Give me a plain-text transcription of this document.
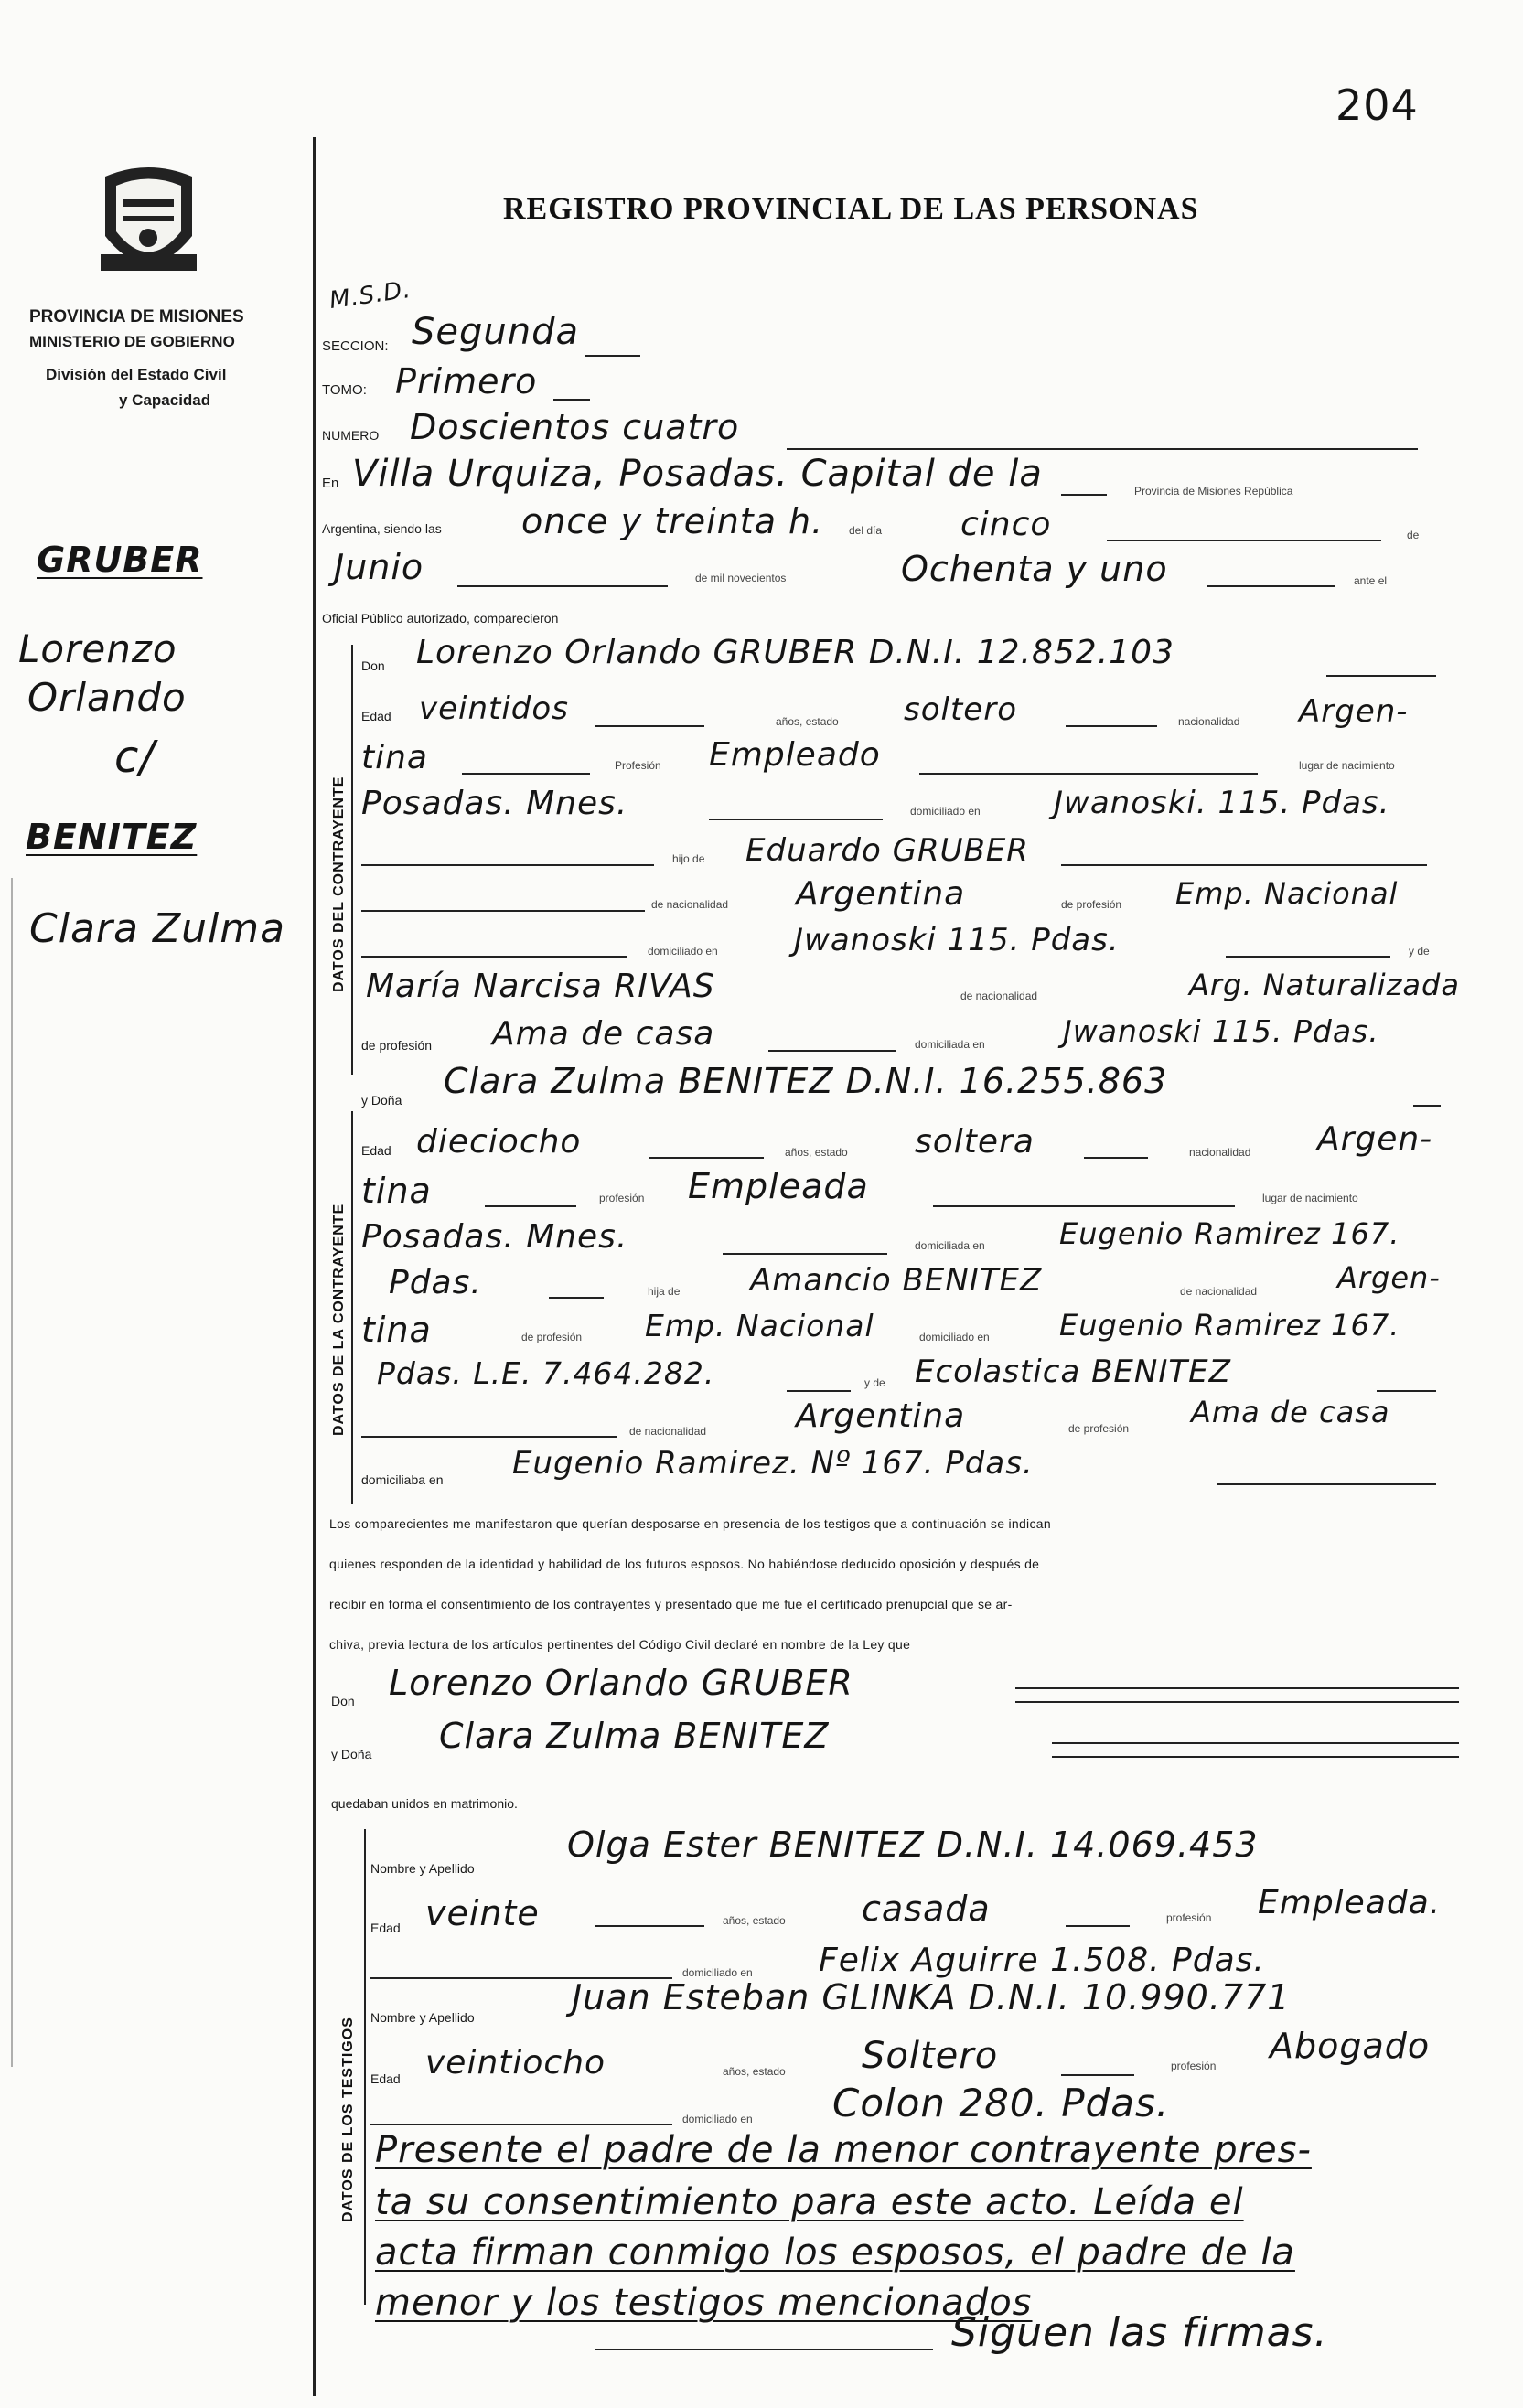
204
PROVINCIA DE MISIONES
MINISTERIO DE GOBIERNO
División del Estado Civil
y Capacidad
REGISTRO PROVINCIAL DE LAS PERSONAS
M.S.D.
GRUBER
Lorenzo
Orlando
c/
BENITEZ
Clara Zulma
SECCION: Segunda
TOMO: Primero
NUMERO Doscientos cuatro
En Villa Urquiza, Posadas. Capital de la	Provincia de Misiones República
Argentina, siendo las once y treinta h. del día cinco	de
Junio	de mil novecientos	Ochenta y uno	ante el
Oficial Público autorizado, comparecieron
DATOS DEL CONTRAYENTE
Don Lorenzo Orlando GRUBER D.N.I. 12.852.103
Edad veintidos	años, estado soltero	nacionalidad Argen-
tina	Profesión Empleado	lugar de nacimiento
Posadas. Mnes.	domiciliado en Jwanoski. 115. Pdas.
hijo de Eduardo GRUBER
de nacionalidad Argentina	de profesión Emp. Nacional
domiciliado en Jwanoski 115. Pdas.	y de
María Narcisa RIVAS	de nacionalidad	Arg. Naturalizada
de profesión Ama de casa	domiciliada en	Jwanoski 115. Pdas.
DATOS DE LA CONTRAYENTE
y Doña Clara Zulma BENITEZ D.N.I. 16.255.863
Edad dieciocho	años, estado soltera	nacionalidad Argen-
tina	profesión Empleada	lugar de nacimiento
Posadas. Mnes.	domiciliada en	Eugenio Ramirez 167.
Pdas.	hija de Amancio BENITEZ	de nacionalidad	Argen-
tina	de profesión Emp. Nacional	domiciliado en Eugenio Ramirez 167.
Pdas. L.E. 7.464.282.	y de Ecolastica BENITEZ
de nacionalidad	Argentina	de profesión Ama de casa
domiciliaba en Eugenio Ramirez. Nº 167. Pdas.
Los comparecientes me manifestaron que querían desposarse en presencia de los testigos que a continuación se indican
quienes responden de la identidad y habilidad de los futuros esposos. No habiéndose deducido oposición y después de
recibir en forma el consentimiento de los contrayentes y presentado que me fue el certificado prenupcial que se ar-
chiva, previa lectura de los artículos pertinentes del Código Civil declaré en nombre de la Ley que
Don Lorenzo Orlando GRUBER
y Doña Clara Zulma BENITEZ
quedaban unidos en matrimonio.
DATOS DE LOS TESTIGOS
Nombre y Apellido
Olga Ester BENITEZ D.N.I. 14.069.453
Edad veinte	años, estado casada	profesión Empleada.
domiciliado en Felix Aguirre 1.508. Pdas.
Nombre y Apellido	Juan Esteban GLINKA D.N.I. 10.990.771
Edad veintiocho	años, estado Soltero	profesión Abogado
domiciliado en Colon 280. Pdas.
Presente el padre de la menor contrayente pres-
ta su consentimiento para este acto. Leída el
acta firman conmigo los esposos, el padre de la
menor y los testigos mencionados
Siguen las firmas.
